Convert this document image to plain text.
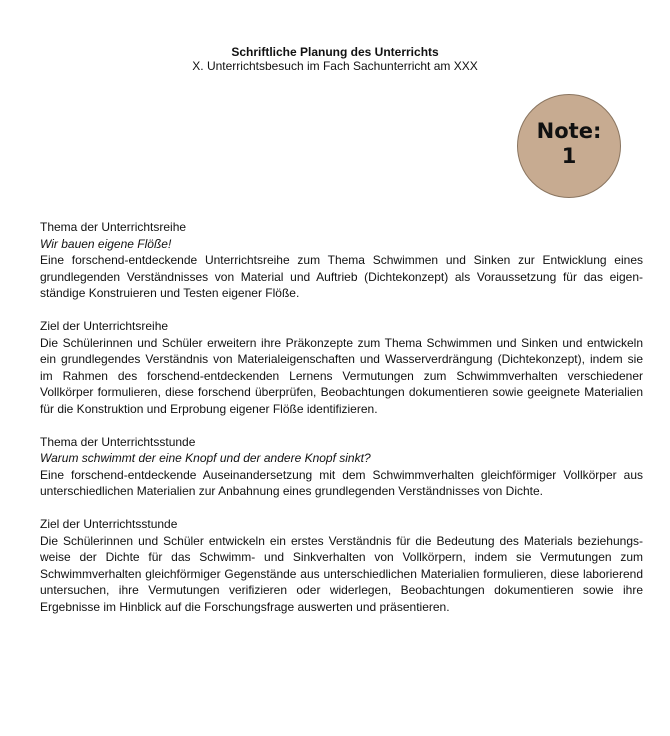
Schriftliche Planung des Unterrichts
X. Unterrichtsbesuch im Fach Sachunterricht am XXX
Note:
1

Thema der Unterrichtsreihe

Wir bauen eigene Flöße!

Eine forschend-entdeckende Unterrichtsreihe zum Thema Schwimmen und Sinken zur Entwicklung eines grundlegenden Verständnisses von Material und Auftrieb (Dichtekonzept) als Voraussetzung für das eigenständige Konstruieren und Testen eigener Flöße.

Ziel der Unterrichtsreihe

Die Schülerinnen und Schüler erweitern ihre Präkonzepte zum Thema Schwimmen und Sinken und entwickeln ein grundlegendes Verständnis von Materialeigenschaften und Wasserverdrängung (Dichtekonzept), indem sie im Rahmen des forschend-entdeckenden Lernens Vermutungen zum Schwimmverhalten verschiedener Vollkörper formulieren, diese forschend überprüfen, Beobachtungen dokumentieren sowie geeignete Materialien für die Konstruktion und Erprobung eigener Flöße identifizieren.

Thema der Unterrichtsstunde

Warum schwimmt der eine Knopf und der andere Knopf sinkt?

Eine forschend-entdeckende Auseinandersetzung mit dem Schwimmverhalten gleichförmiger Vollkörper aus unterschiedlichen Materialien zur Anbahnung eines grundlegenden Verständnisses von Dichte.

Ziel der Unterrichtsstunde

Die Schülerinnen und Schüler entwickeln ein erstes Verständnis für die Bedeutung des Materials beziehungsweise der Dichte für das Schwimm- und Sinkverhalten von Vollkörpern, indem sie Vermutungen zum Schwimmverhalten gleichförmiger Gegenstände aus unterschiedlichen Materialien formulieren, diese laborierend untersuchen, ihre Vermutungen verifizieren oder widerlegen, Beobachtungen dokumentieren sowie ihre Ergebnisse im Hinblick auf die Forschungsfrage auswerten und präsentieren.
